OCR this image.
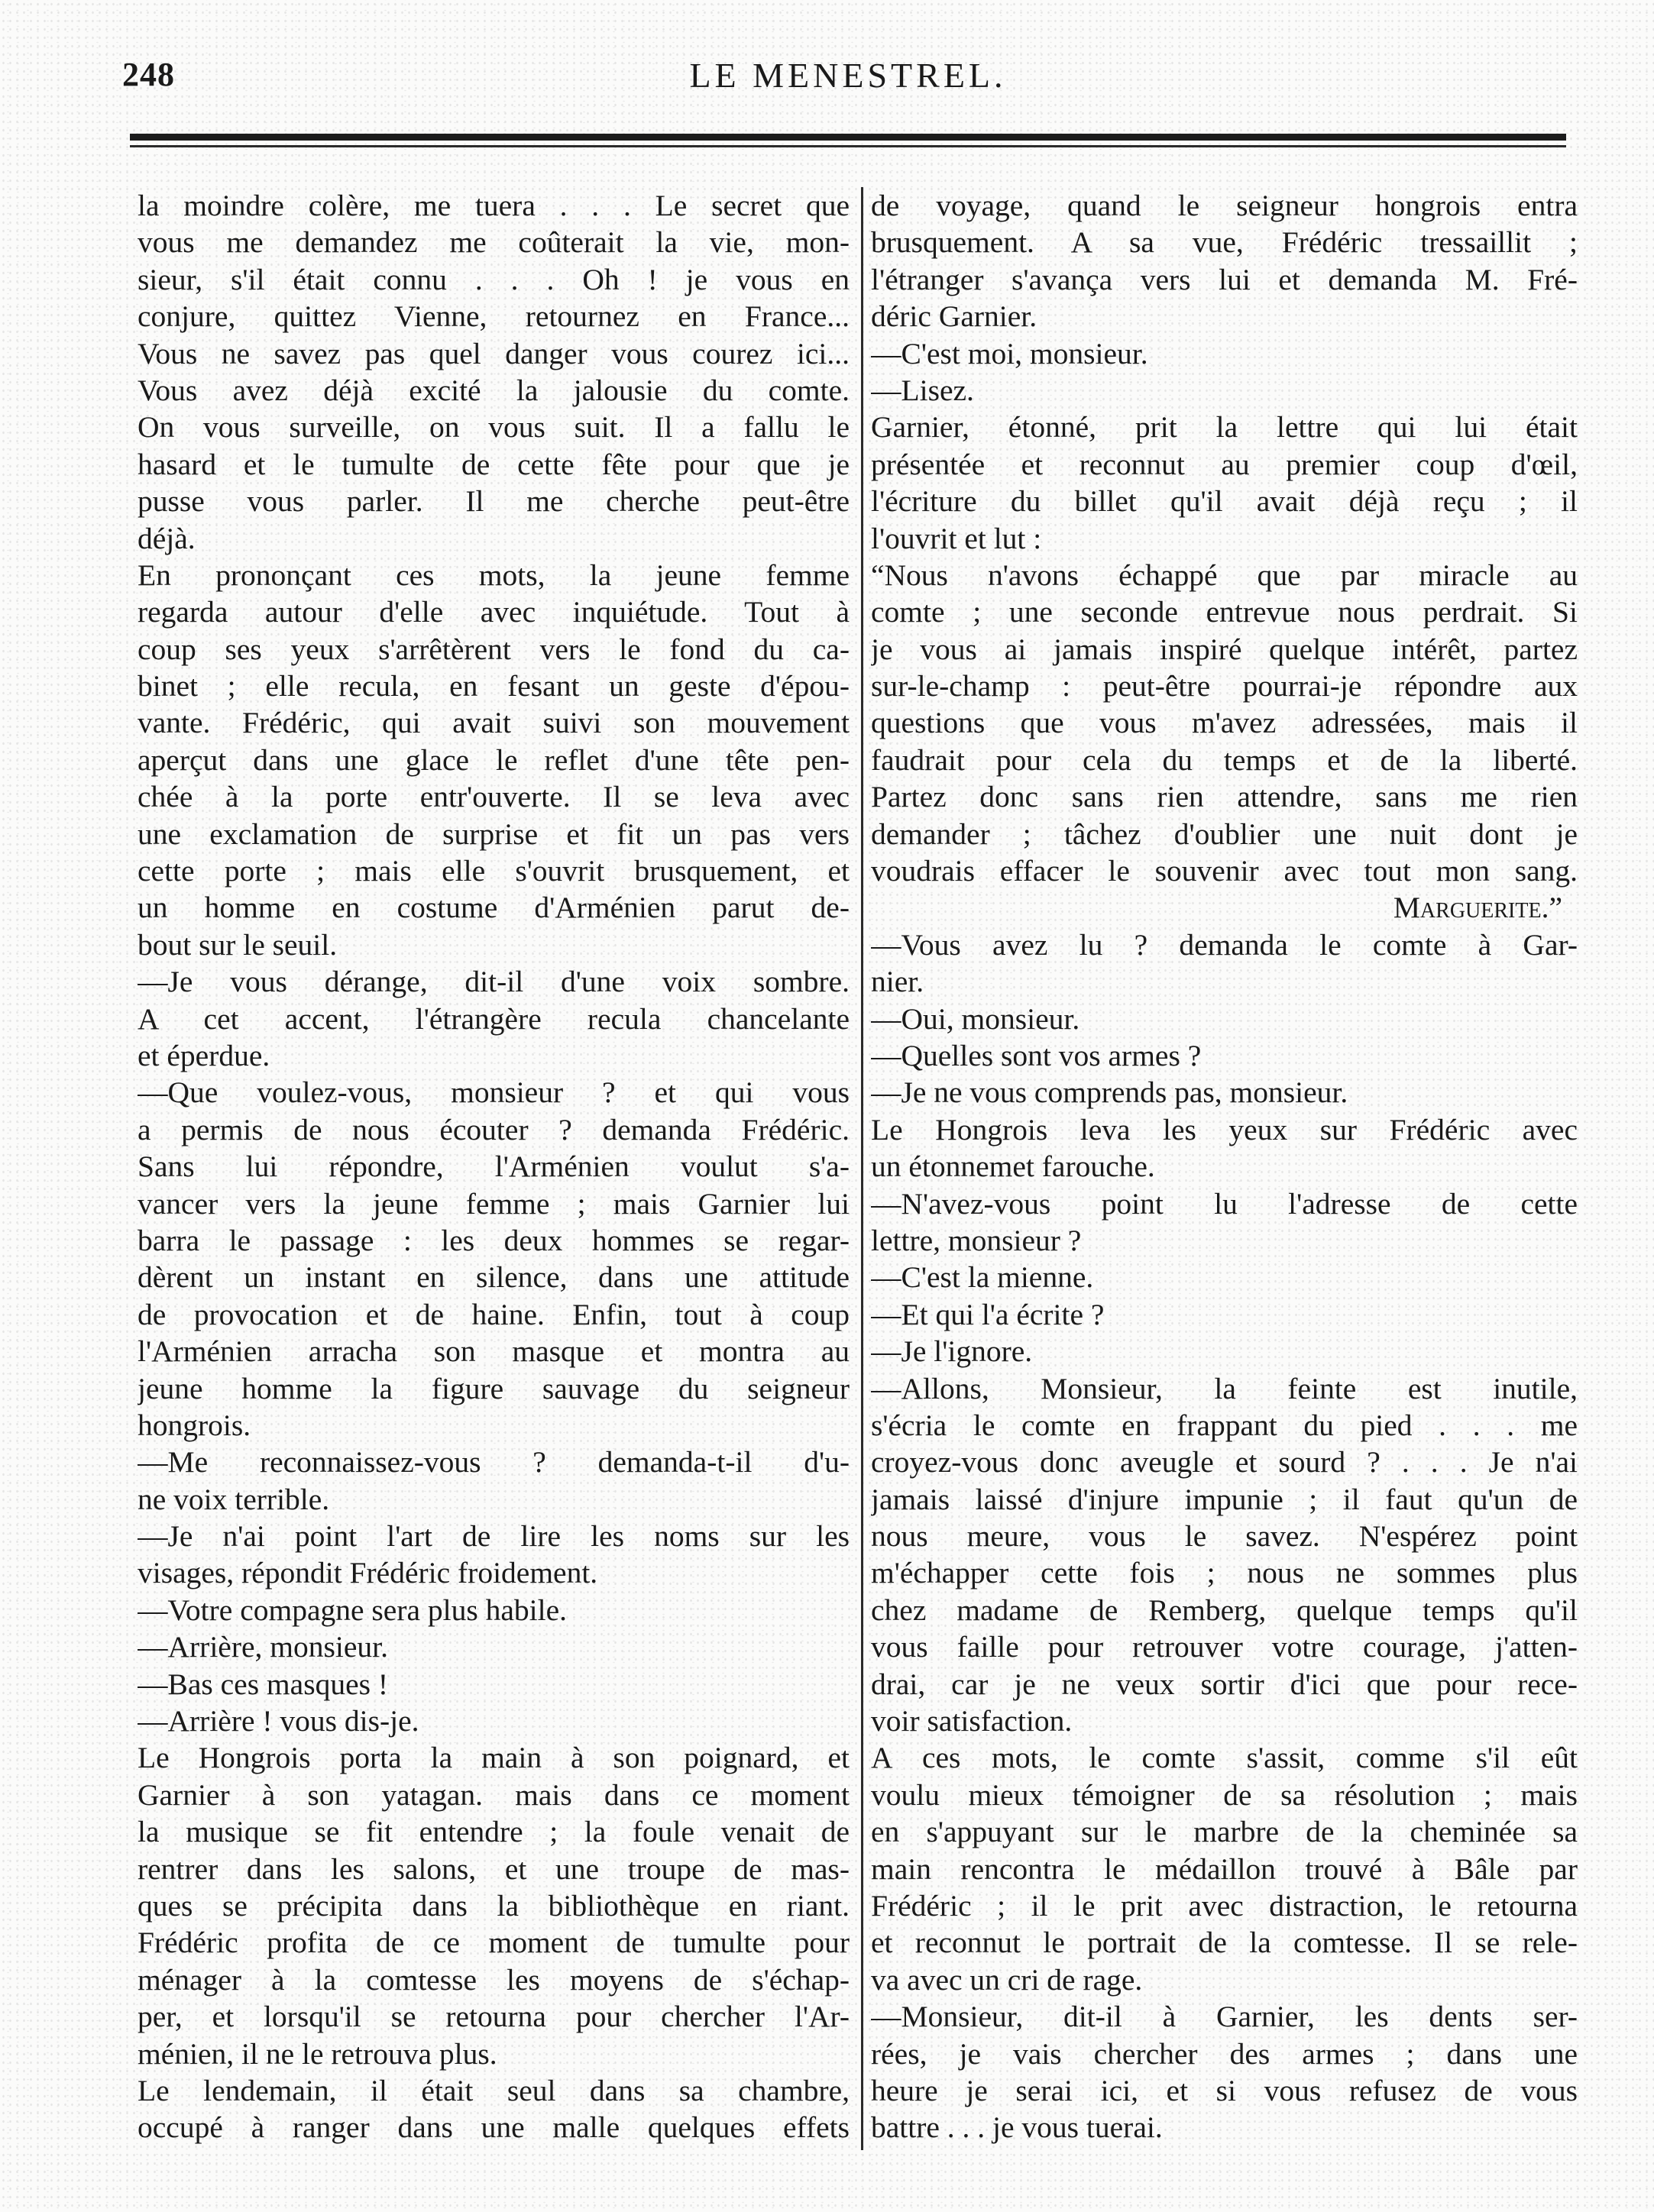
248	LE MENESTREL.
la moindre colère, me tuera . . . Le secret que
vous me demandez me coûterait la vie, mon-
sieur, s'il était connu . . . Oh ! je vous en
conjure, quittez Vienne, retournez en France...
Vous ne savez pas quel danger vous courez ici...
Vous avez déjà excité la jalousie du comte.
On vous surveille, on vous suit. Il a fallu le
hasard et le tumulte de cette fête pour que je
pusse vous parler. Il me cherche peut-être
déjà.
En prononçant ces mots, la jeune femme
regarda autour d'elle avec inquiétude. Tout à
coup ses yeux s'arrêtèrent vers le fond du ca-
binet ; elle recula, en fesant un geste d'épou-
vante. Frédéric, qui avait suivi son mouvement
aperçut dans une glace le reflet d'une tête pen-
chée à la porte entr'ouverte. Il se leva avec
une exclamation de surprise et fit un pas vers
cette porte ; mais elle s'ouvrit brusquement, et
un homme en costume d'Arménien parut de-
bout sur le seuil.
—Je vous dérange, dit-il d'une voix sombre.
A cet accent, l'étrangère recula chancelante
et éperdue.
—Que voulez-vous, monsieur ? et qui vous
a permis de nous écouter ? demanda Frédéric.
Sans lui répondre, l'Arménien voulut s'a-
vancer vers la jeune femme ; mais Garnier lui
barra le passage : les deux hommes se regar-
dèrent un instant en silence, dans une attitude
de provocation et de haine. Enfin, tout à coup
l'Arménien arracha son masque et montra au
jeune homme la figure sauvage du seigneur
hongrois.
—Me reconnaissez-vous ? demanda-t-il d'u-
ne voix terrible.
—Je n'ai point l'art de lire les noms sur les
visages, répondit Frédéric froidement.
—Votre compagne sera plus habile.
—Arrière, monsieur.
—Bas ces masques !
—Arrière ! vous dis-je.
Le Hongrois porta la main à son poignard, et
Garnier à son yatagan. mais dans ce moment
la musique se fit entendre ; la foule venait de
rentrer dans les salons, et une troupe de mas-
ques se précipita dans la bibliothèque en riant.
Frédéric profita de ce moment de tumulte pour
ménager à la comtesse les moyens de s'échap-
per, et lorsqu'il se retourna pour chercher l'Ar-
ménien, il ne le retrouva plus.
Le lendemain, il était seul dans sa chambre,
occupé à ranger dans une malle quelques effets
de voyage, quand le seigneur hongrois entra
brusquement. A sa vue, Frédéric tressaillit ;
l'étranger s'avança vers lui et demanda M. Fré-
déric Garnier.
—C'est moi, monsieur.
—Lisez.
Garnier, étonné, prit la lettre qui lui était
présentée et reconnut au premier coup d'œil,
l'écriture du billet qu'il avait déjà reçu ; il
l'ouvrit et lut :
“Nous n'avons échappé que par miracle au
comte ; une seconde entrevue nous perdrait. Si
je vous ai jamais inspiré quelque intérêt, partez
sur-le-champ : peut-être pourrai-je répondre aux
questions que vous m'avez adressées, mais il
faudrait pour cela du temps et de la liberté.
Partez donc sans rien attendre, sans me rien
demander ; tâchez d'oublier une nuit dont je
voudrais effacer le souvenir avec tout mon sang.
Marguerite.”
—Vous avez lu ? demanda le comte à Gar-
nier.
—Oui, monsieur.
—Quelles sont vos armes ?
—Je ne vous comprends pas, monsieur.
Le Hongrois leva les yeux sur Frédéric avec
un étonnemet farouche.
—N'avez-vous point lu l'adresse de cette
lettre, monsieur ?
—C'est la mienne.
—Et qui l'a écrite ?
—Je l'ignore.
—Allons, Monsieur, la feinte est inutile,
s'écria le comte en frappant du pied . . . me
croyez-vous donc aveugle et sourd ? . . . Je n'ai
jamais laissé d'injure impunie ; il faut qu'un de
nous meure, vous le savez. N'espérez point
m'échapper cette fois ; nous ne sommes plus
chez madame de Remberg, quelque temps qu'il
vous faille pour retrouver votre courage, j'atten-
drai, car je ne veux sortir d'ici que pour rece-
voir satisfaction.
A ces mots, le comte s'assit, comme s'il eût
voulu mieux témoigner de sa résolution ; mais
en s'appuyant sur le marbre de la cheminée sa
main rencontra le médaillon trouvé à Bâle par
Frédéric ; il le prit avec distraction, le retourna
et reconnut le portrait de la comtesse. Il se rele-
va avec un cri de rage.
—Monsieur, dit-il à Garnier, les dents ser-
rées, je vais chercher des armes ; dans une
heure je serai ici, et si vous refusez de vous
battre . . . je vous tuerai.
